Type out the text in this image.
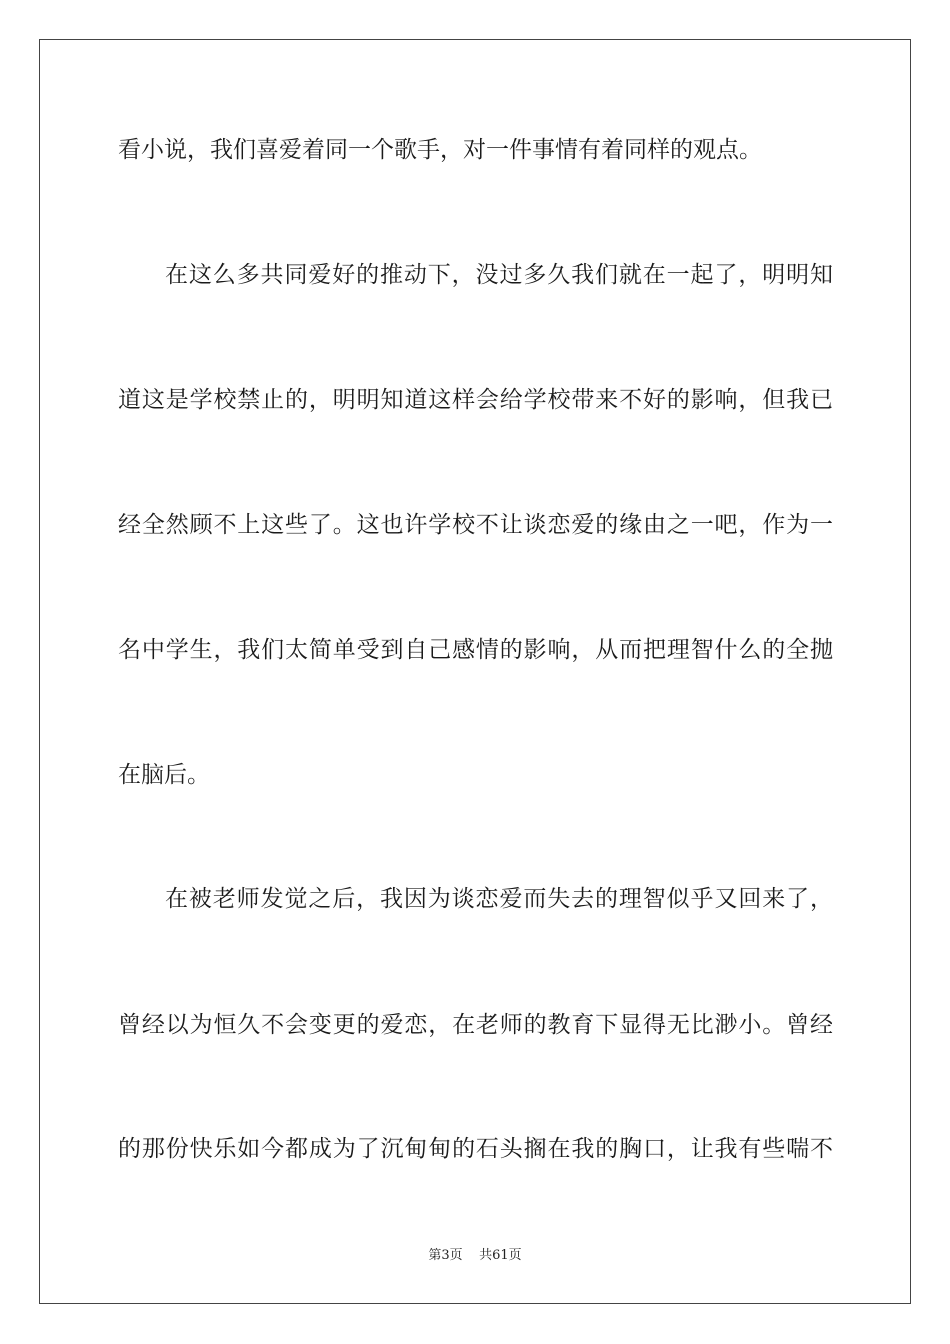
看小说，我们喜爱着同一个歌手，对一件事情有着同样的观点。
在这么多共同爱好的推动下，没过多久我们就在一起了，明明知
道这是学校禁止的，明明知道这样会给学校带来不好的影响，但我已
经全然顾不上这些了。这也许学校不让谈恋爱的缘由之一吧，作为一
名中学生，我们太简单受到自己感情的影响，从而把理智什么的全抛
在脑后。
在被老师发觉之后，我因为谈恋爱而失去的理智似乎又回来了，
曾经以为恒久不会变更的爱恋，在老师的教育下显得无比渺小。曾经
的那份快乐如今都成为了沉甸甸的石头搁在我的胸口，让我有些喘不
第3页 共61页
